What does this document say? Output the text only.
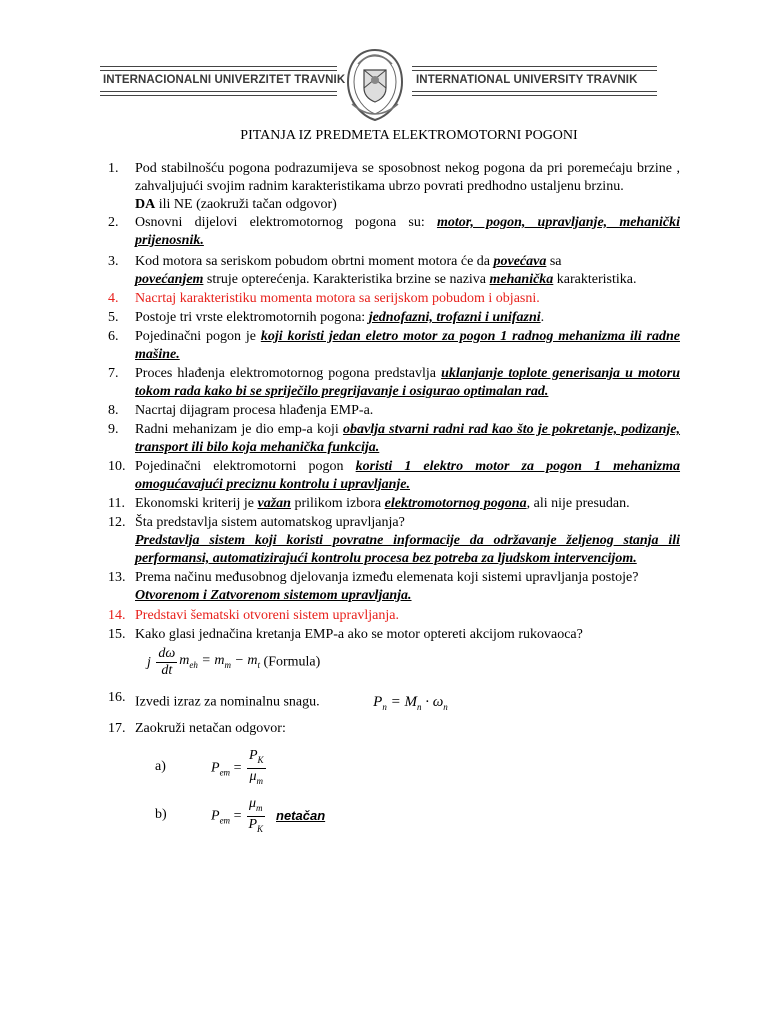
INTERNACIONALNI UNIVERZITET TRAVNIK	INTERNATIONAL UNIVERSITY TRAVNIK
PITANJA IZ PREDMETA ELEKTROMOTORNI POGONI
1. Pod stabilnošću pogona podrazumijeva se sposobnost nekog pogona da pri poremećaju brzine , zahvaljujući svojim radnim karakteristikama ubrzo povrati predhodno ustaljenu brzinu.
DA ili NE (zaokruži tačan odgovor)
2. Osnovni dijelovi elektromotornog pogona su: motor, pogon, upravljanje, mehanički prijenosnik.
3. Kod motora sa seriskom pobudom obrtni moment motora će da povećava sa
povećanjem struje opterećenja. Karakteristika brzine se naziva mehanička karakteristika.
4. Nacrtaj karakteristiku momenta motora sa serijskom pobudom i objasni.
5. Postoje tri vrste elektromotornih pogona: jednofazni, trofazni i unifazni.
6. Pojedinačni pogon je koji koristi jedan eletro motor za pogon 1 radnog mehanizma ili radne mašine.
7. Proces hlađenja elektromotornog pogona predstavlja uklanjanje toplote generisanja u motoru tokom rada kako bi se spriječilo pregrijavanje i osigurao optimalan rad.
8. Nacrtaj dijagram procesa hlađenja EMP-a.
9. Radni mehanizam je dio emp-a koji obavlja stvarni radni rad kao što je pokretanje, podizanje, transport ili bilo koja mehanička funkcija.
10. Pojedinačni elektromotorni pogon koristi 1 elektro motor za pogon 1 mehanizma omogućavajući preciznu kontrolu i upravljanje.
11. Ekonomski kriterij je važan prilikom izbora elektromotornog pogona, ali nije presudan.
12. Šta predstavlja sistem automatskog upravljanja?
Predstavlja sistem koji koristi povratne informacije da održavanje željenog stanja ili performansi, automatizirajući kontrolu procesa bez potreba za ljudskom intervencijom.
13. Prema načinu međusobnog djelovanja između elemenata koji sistemi upravljanja postoje?
Otvorenom i Zatvorenom sistemom upravljanja.
14. Predstavi šematski otvoreni sistem upravljanja.
15. Kako glasi jednačina kretanja EMP-a ako se motor optereti akcijom rukovaoca?
j $\frac{d\omega}{dt} m_{eh} = m_m - m_t$ (Formula)
16. Izvedi izraz za nominalnu snagu.	$P_n = M_n \cdot \omega_n$
17. Zaokruži netačan odgovor:
a)	$P_{em} = \frac{P_K}{\mu_m}$
b)	$P_{em} = \frac{\mu_m}{P_K}$ netačan
